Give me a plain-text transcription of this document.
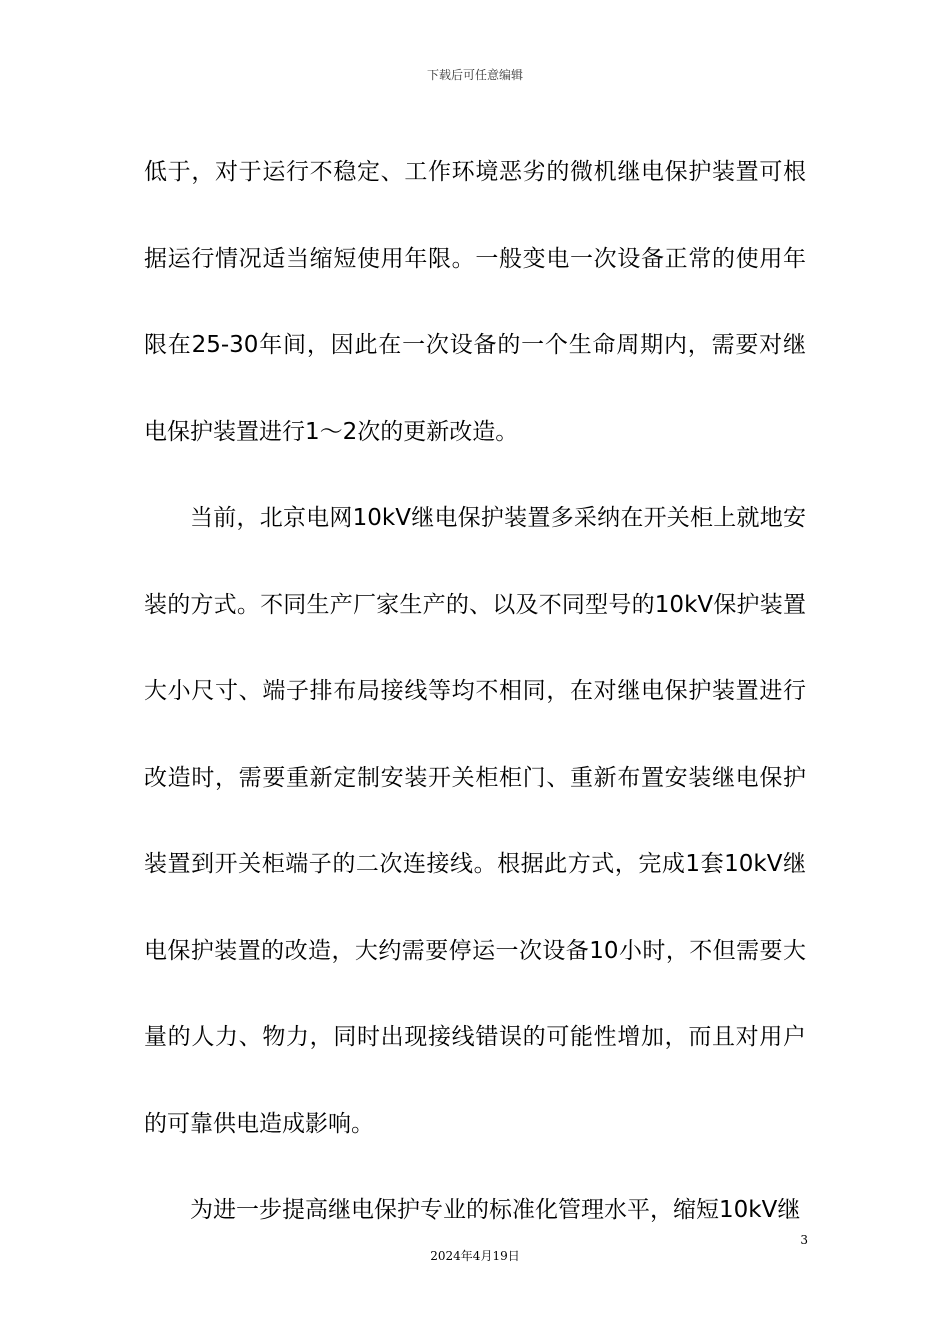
下载后可任意编辑

低于，对于运行不稳定、工作环境恶劣的微机继电保护装置可根据运行情况适当缩短使用年限。一般变电一次设备正常的使用年限在25-30年间，因此在一次设备的一个生命周期内，需要对继电保护装置进行1～2次的更新改造。

当前，北京电网10kV继电保护装置多采纳在开关柜上就地安装的方式。不同生产厂家生产的、以及不同型号的10kV保护装置大小尺寸、端子排布局接线等均不相同，在对继电保护装置进行改造时，需要重新定制安装开关柜柜门、重新布置安装继电保护装置到开关柜端子的二次连接线。根据此方式，完成1套10kV继电保护装置的改造，大约需要停运一次设备10小时，不但需要大量的人力、物力，同时出现接线错误的可能性增加，而且对用户的可靠供电造成影响。

为进一步提高继电保护专业的标准化管理水平，缩短10kV继

3
2024年4月19日
